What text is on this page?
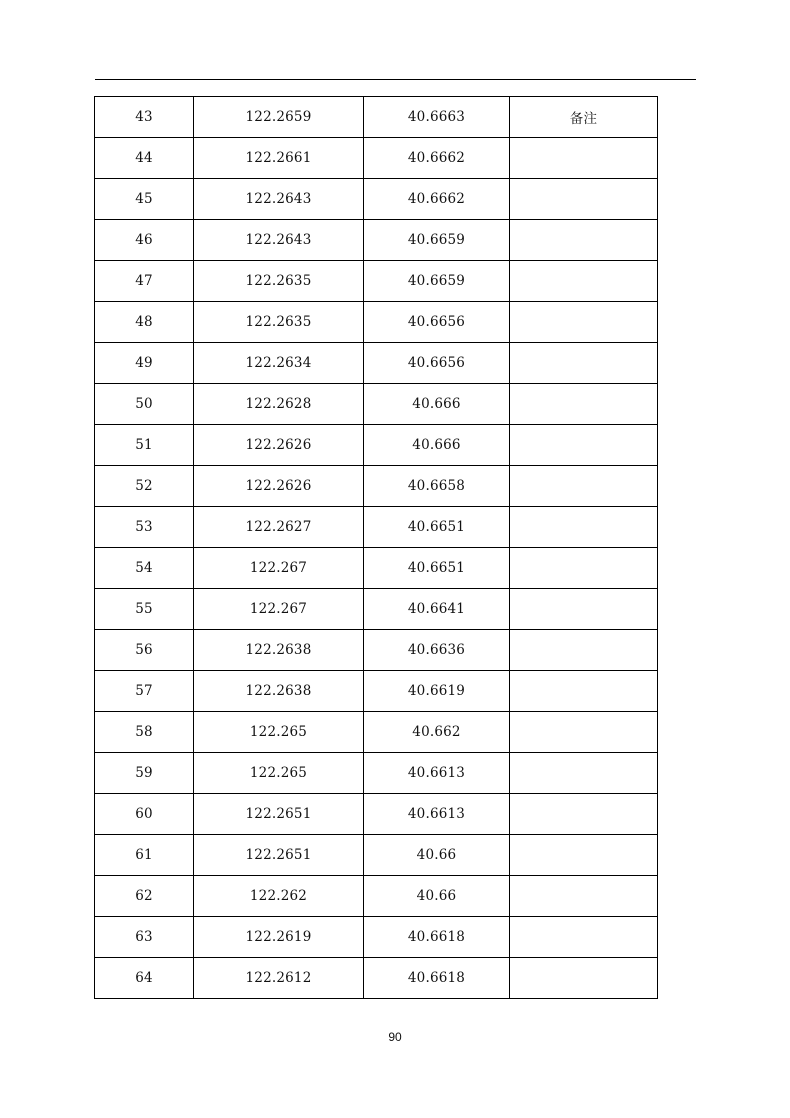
43	122.2659	40.6663	备注
44	122.2661	40.6662	
45	122.2643	40.6662	
46	122.2643	40.6659	
47	122.2635	40.6659	
48	122.2635	40.6656	
49	122.2634	40.6656	
50	122.2628	40.666	
51	122.2626	40.666	
52	122.2626	40.6658	
53	122.2627	40.6651	
54	122.267	40.6651	
55	122.267	40.6641	
56	122.2638	40.6636	
57	122.2638	40.6619	
58	122.265	40.662	
59	122.265	40.6613	
60	122.2651	40.6613	
61	122.2651	40.66	
62	122.262	40.66	
63	122.2619	40.6618	
64	122.2612	40.6618	
90
